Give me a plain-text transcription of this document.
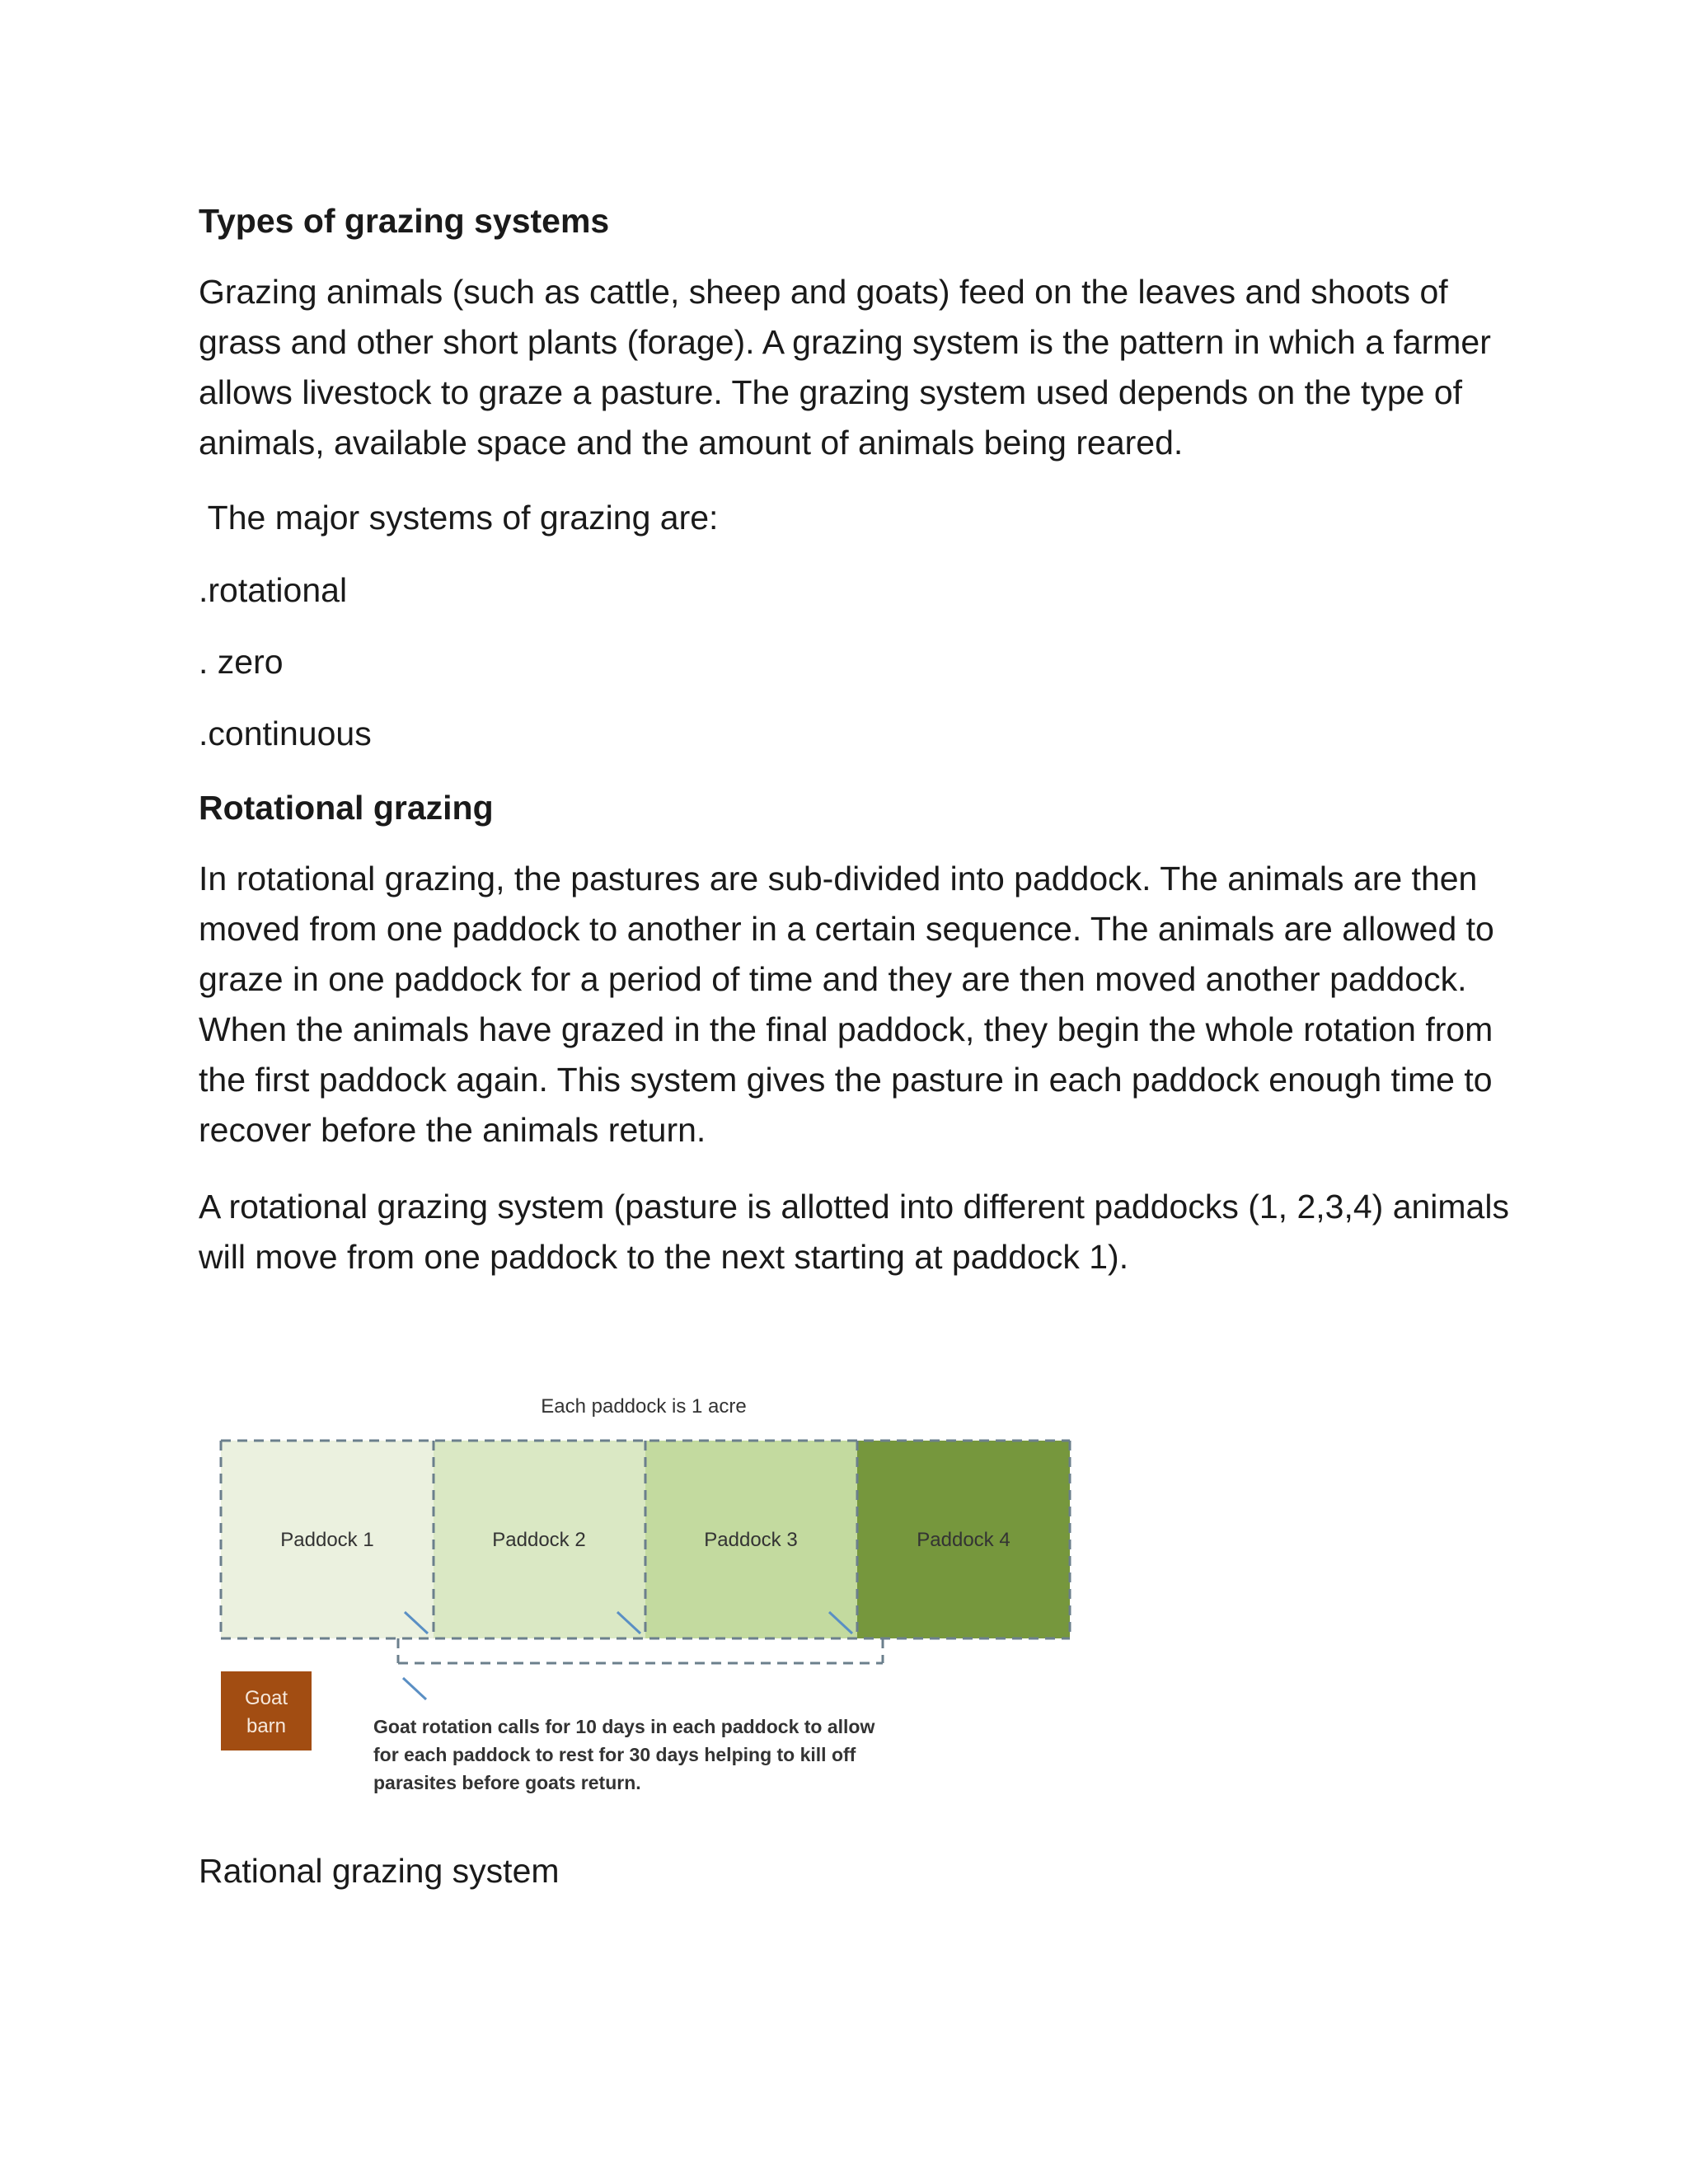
Types of grazing systems

Grazing animals (such as cattle, sheep and goats) feed on the leaves and shoots of grass and other short plants (forage). A grazing system is the pattern in which a farmer allows livestock to graze a pasture. The grazing system used depends on the type of animals, available space and the amount of animals being reared.

The major systems of grazing are:

.rotational

. zero

.continuous

Rotational grazing

In rotational grazing, the pastures are sub-divided into paddock. The animals are then moved from one paddock to another in a certain sequence. The animals are allowed to graze in one paddock for a period of time and they are then moved another paddock. When the animals have grazed in the final paddock, they begin the whole rotation from the first paddock again. This system gives the pasture in each paddock enough time to recover before the animals return.

A rotational grazing system (pasture is allotted into different paddocks (1, 2,3,4) animals will move from one paddock to the next starting at paddock 1).

Each paddock is 1 acre
Paddock 1	Paddock 2	Paddock 3	Paddock 4
Goat
barn	Goat rotation calls for 10 days in each paddock to allow
for each paddock to rest for 30 days helping to kill off
parasites before goats return.

Rational grazing system
